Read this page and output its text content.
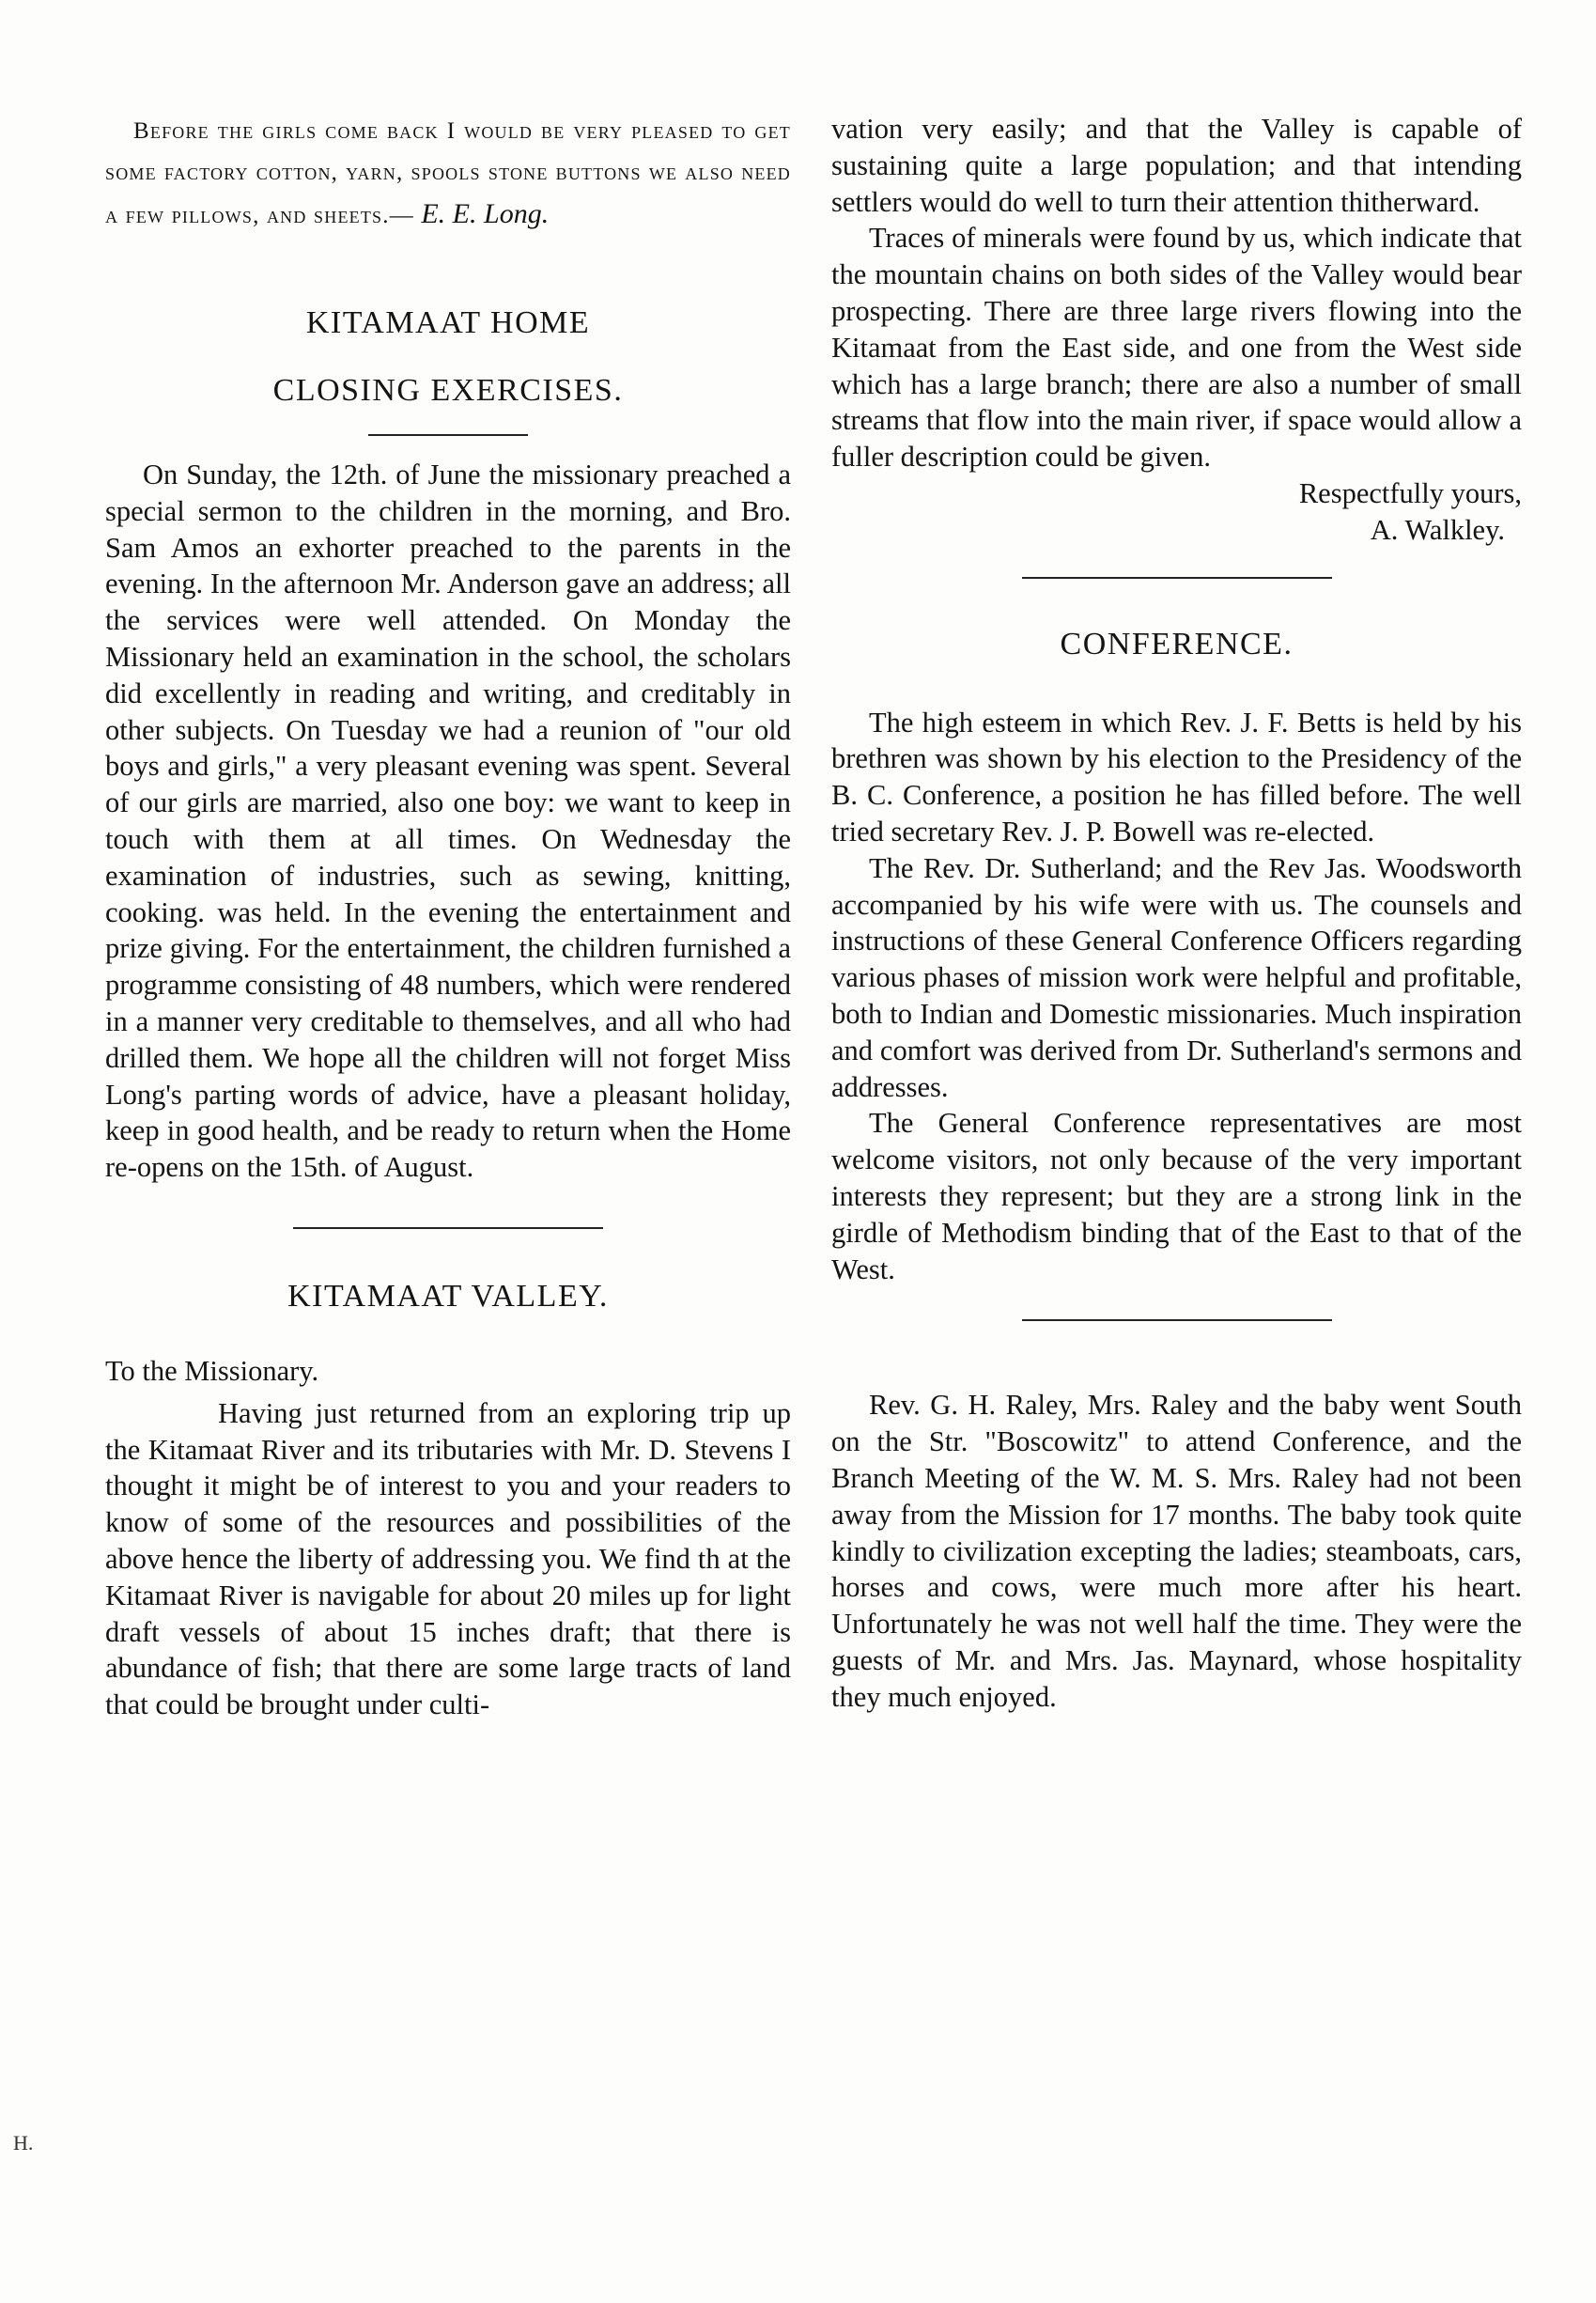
Before the girls come back I would be very pleased to get some factory cotton, yarn, spools stone buttons we also need a few pillows, and sheets.— E. E. Long.

KITAMAAT HOME
CLOSING EXERCISES.

On Sunday, the 12th. of June the missionary preached a special sermon to the children in the morning, and Bro. Sam Amos an exhorter preached to the parents in the evening. In the afternoon Mr. Anderson gave an address; all the services were well attended. On Monday the Missionary held an examination in the school, the scholars did excellently in reading and writing, and creditably in other subjects. On Tuesday we had a reunion of "our old boys and girls," a very pleasant evening was spent. Several of our girls are married, also one boy: we want to keep in touch with them at all times. On Wednesday the examination of industries, such as sewing, knitting, cooking. was held. In the evening the entertainment and prize giving. For the entertainment, the children furnished a programme consisting of 48 numbers, which were rendered in a manner very creditable to themselves, and all who had drilled them. We hope all the children will not forget Miss Long's parting words of advice, have a pleasant holiday, keep in good health, and be ready to return when the Home re-opens on the 15th. of August.

KITAMAAT VALLEY.

To the Missionary.

Having just returned from an exploring trip up the Kitamaat River and its tributaries with Mr. D. Stevens I thought it might be of interest to you and your readers to know of some of the resources and possibilities of the above hence the liberty of addressing you. We find th at the Kitamaat River is navigable for about 20 miles up for light draft vessels of about 15 inches draft; that there is abundance of fish; that there are some large tracts of land that could be brought under culti-

H.

vation very easily; and that the Valley is capable of sustaining quite a large population; and that intending settlers would do well to turn their attention thitherward.

Traces of minerals were found by us, which indicate that the mountain chains on both sides of the Valley would bear prospecting. There are three large rivers flowing into the Kitamaat from the East side, and one from the West side which has a large branch; there are also a number of small streams that flow into the main river, if space would allow a fuller description could be given.

Respectfully yours,
A. Walkley.
CONFERENCE.

The high esteem in which Rev. J. F. Betts is held by his brethren was shown by his election to the Presidency of the B. C. Conference, a position he has filled before. The well tried secretary Rev. J. P. Bowell was re-elected.

The Rev. Dr. Sutherland; and the Rev Jas. Woodsworth accompanied by his wife were with us. The counsels and instructions of these General Conference Officers regarding various phases of mission work were helpful and profitable, both to Indian and Domestic missionaries. Much inspiration and comfort was derived from Dr. Sutherland's sermons and addresses.

The General Conference representatives are most welcome visitors, not only because of the very important interests they represent; but they are a strong link in the girdle of Methodism binding that of the East to that of the West.

Rev. G. H. Raley, Mrs. Raley and the baby went South on the Str. "Boscowitz" to attend Conference, and the Branch Meeting of the W. M. S. Mrs. Raley had not been away from the Mission for 17 months. The baby took quite kindly to civilization excepting the ladies; steamboats, cars, horses and cows, were much more after his heart. Unfortunately he was not well half the time. They were the guests of Mr. and Mrs. Jas. Maynard, whose hospitality they much enjoyed.
